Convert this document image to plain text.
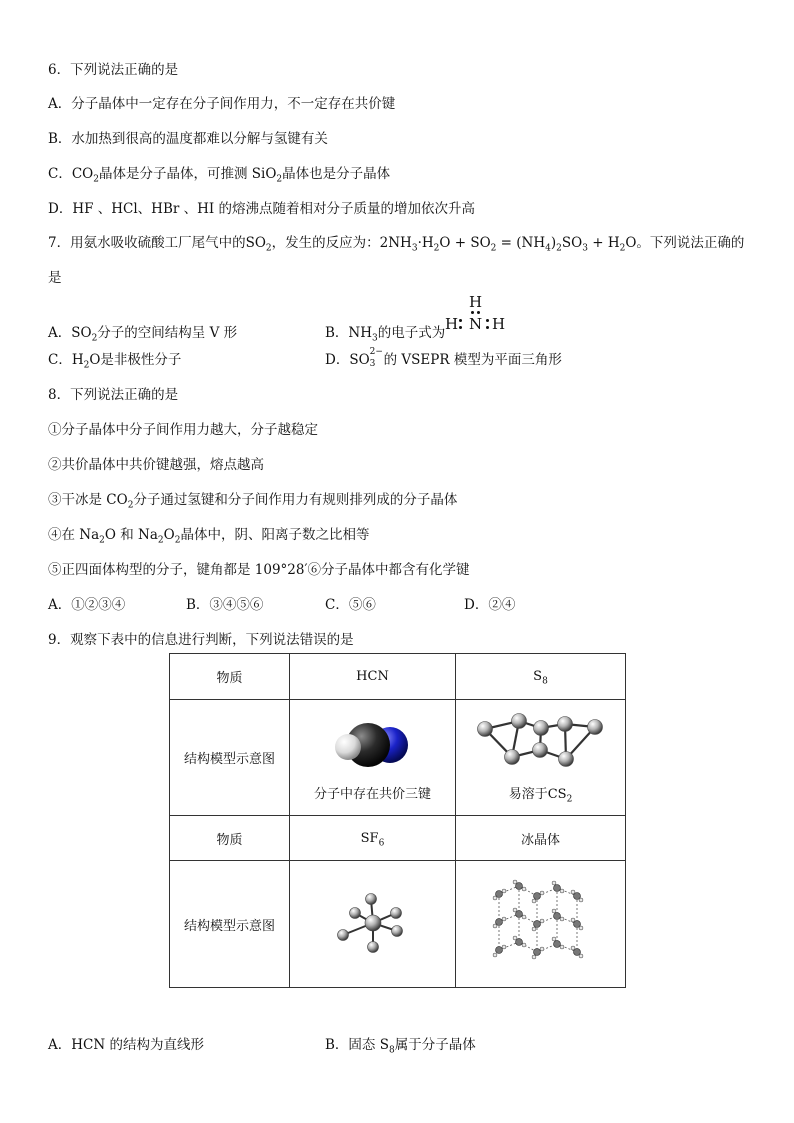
6．下列说法正确的是
A．分子晶体中一定存在分子间作用力，不一定存在共价键
B．水加热到很高的温度都难以分解与氢键有关
C．$CO_2$晶体是分子晶体，可推测 SiO$_2$晶体也是分子晶体
D．HF 、HCl、HBr 、HI 的熔沸点随着相对分子质量的增加依次升高
7．用氨水吸收硫酸工厂尾气中的$SO_2$，发生的反应为：$2NH_3\cdot H_2O + SO_2 = (NH_4)_2SO_3 + H_2O$。下列说法正确的
是
A．$SO_2$分子的空间结构呈 V 形	B．$NH_3$的电子式为
H
H N H
C．$H_2O$是非极性分子	D．SO 2−
3 的 VSEPR 模型为平面三角形
8．下列说法正确的是
①分子晶体中分子间作用力越大，分子越稳定
②共价晶体中共价键越强，熔点越高
③干冰是 $CO_2$分子通过氢键和分子间作用力有规则排列成的分子晶体
④在 $Na_2O$ 和 $Na_2O_2$晶体中，阴、阳离子数之比相等
⑤正四面体构型的分子，键角都是 109°28′⑥分子晶体中都含有化学键
A．①②③④	B．③④⑤⑥	C．⑤⑥	D．②④
9．观察下表中的信息进行判断，下列说法错误的是
物质	HCN	$S_8$
结构模型示意图	分子中存在共价三键	易溶于$CS_2$

物质	$SF_6$	冰晶体
结构模型示意图		
A．HCN 的结构为直线形	B．固态 $S_8$属于分子晶体
